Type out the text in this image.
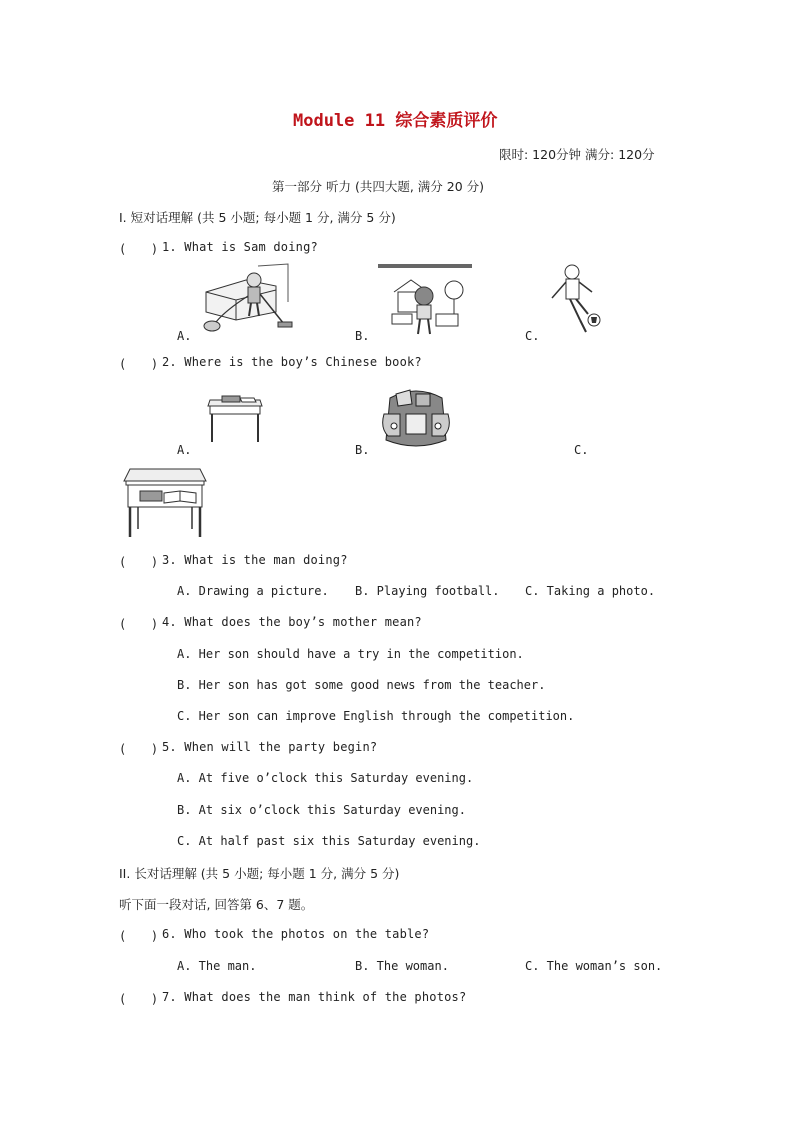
Module 11 综合素质评价
限时: 120分钟 满分: 120分
第一部分 听力 (共四大题, 满分 20 分)
I. 短对话理解 (共 5 小题; 每小题 1 分, 满分 5 分)
(　　) 1. What is Sam doing?
A.	B.	C.
(　　) 2. Where is the boy’s Chinese book?
A.	B.	C.
(　　) 3. What is the man doing?
A. Drawing a picture. B. Playing football. C. Taking a photo.
(　　) 4. What does the boy’s mother mean?
A. Her son should have a try in the competition.
B. Her son has got some good news from the teacher.
C. Her son can improve English through the competition.
(　　) 5. When will the party begin?
A. At five o’clock this Saturday evening.
B. At six o’clock this Saturday evening.
C. At half past six this Saturday evening.
II. 长对话理解 (共 5 小题; 每小题 1 分, 满分 5 分)
听下面一段对话, 回答第 6、7 题。
(　　) 6. Who took the photos on the table?
A. The man.	B. The woman.	C. The woman’s son.
(　　) 7. What does the man think of the photos?
